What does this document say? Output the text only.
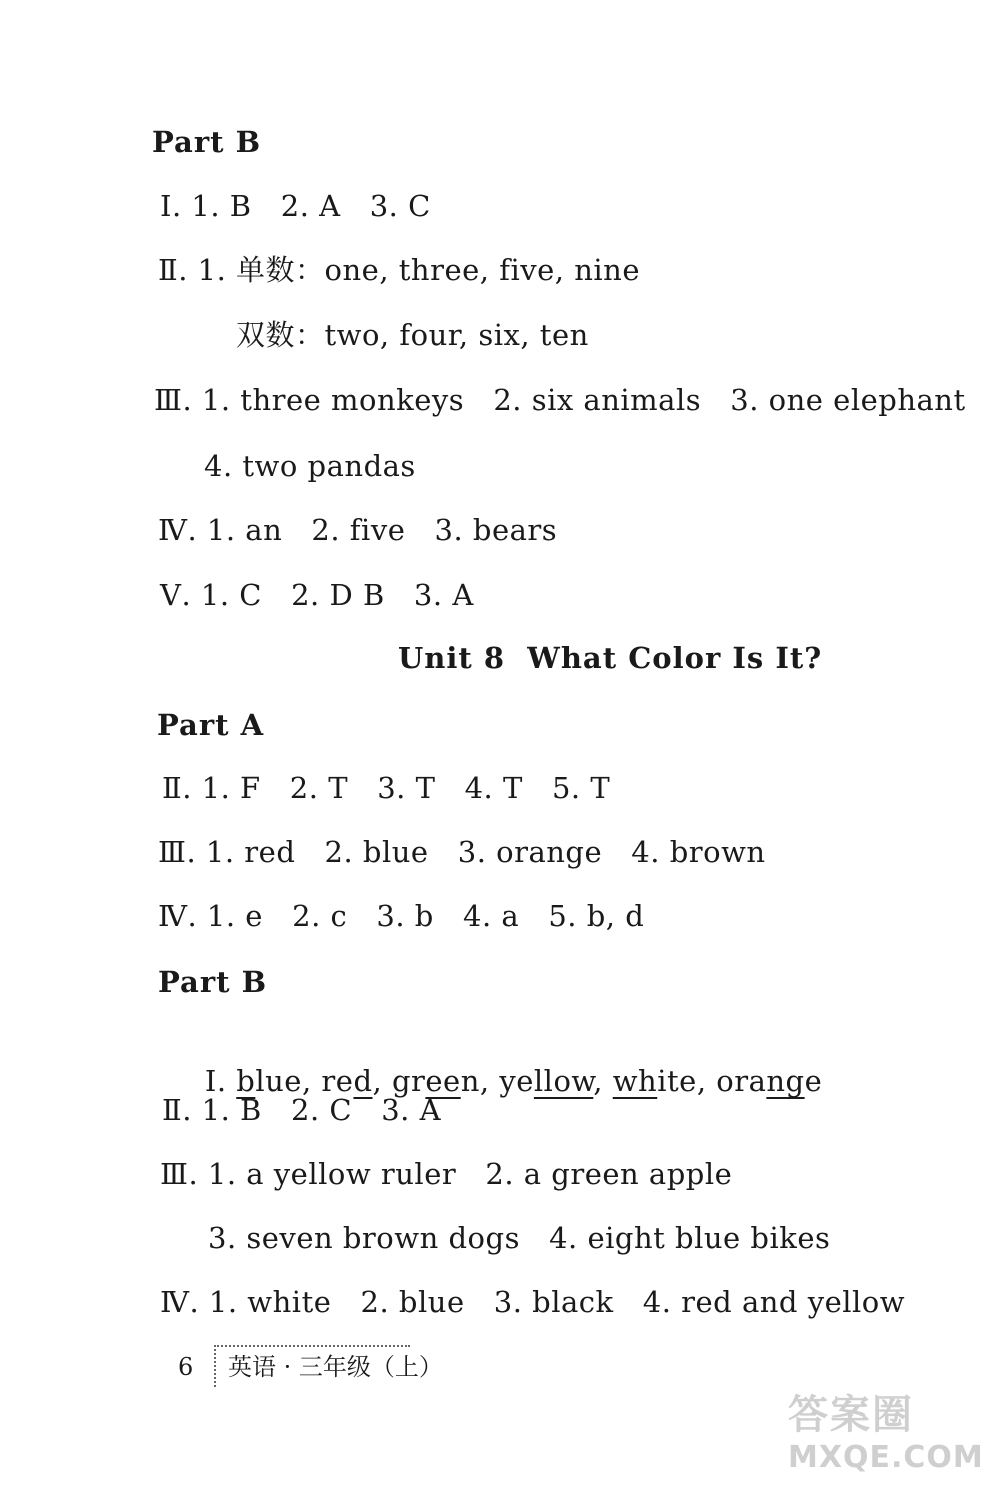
Part B
Ⅰ. 1. B   2. A   3. C
Ⅱ. 1. 单数：one, three, five, nine
双数：two, four, six, ten
Ⅲ. 1. three monkeys   2. six animals   3. one elephant
4. two pandas
Ⅳ. 1. an   2. five   3. bears
Ⅴ. 1. C   2. D B   3. A
Unit 8  What Color Is It?
Part A
Ⅱ. 1. F   2. T   3. T   4. T   5. T
Ⅲ. 1. red   2. blue   3. orange   4. brown
Ⅳ. 1. e   2. c   3. b   4. a   5. b, d
Part B

Ⅰ. blue, red, green, yellow, white, orange

Ⅱ. 1. B   2. C   3. A
Ⅲ. 1. a yellow ruler   2. a green apple
3. seven brown dogs   4. eight blue bikes
Ⅳ. 1. white   2. blue   3. black   4. red and yellow
6	英语 · 三年级（上）
答案圈
MXQE.COM
